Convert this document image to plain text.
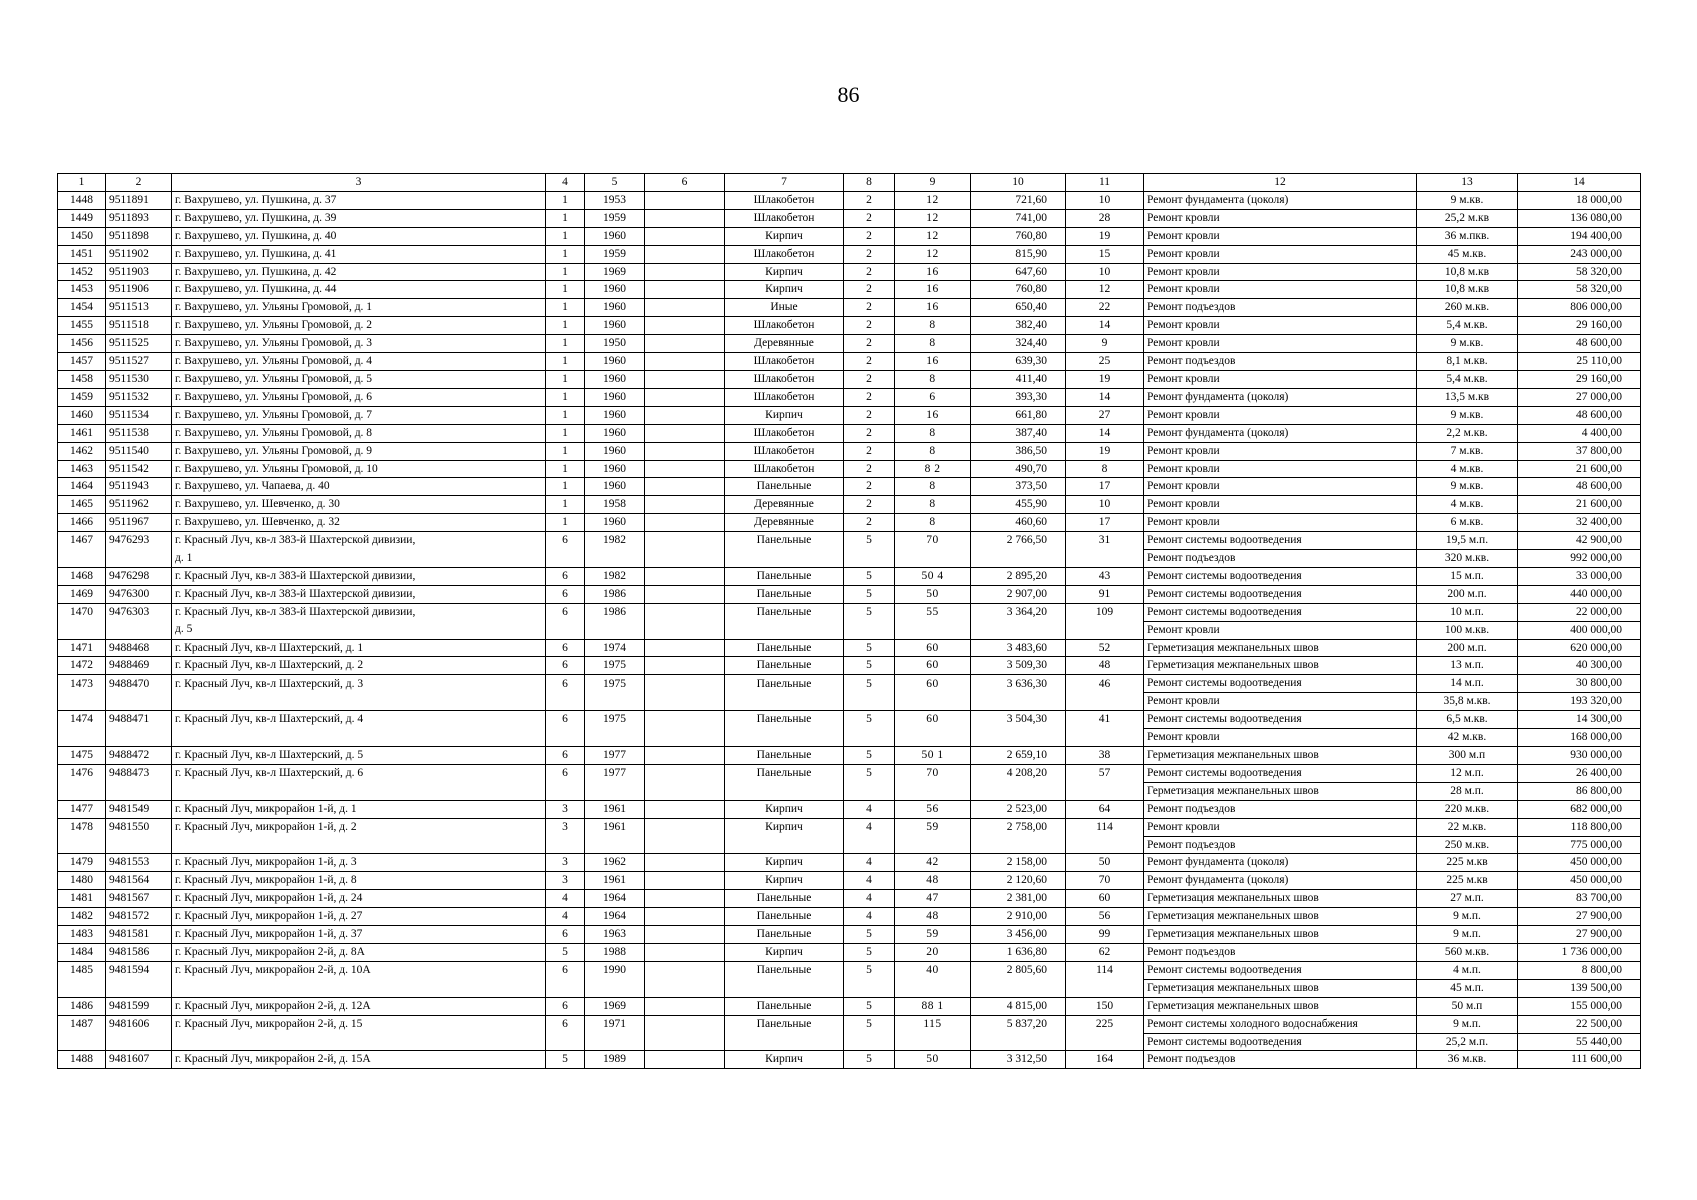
86
1	2	3	4	5	6	7	8	9	10	11	12	13	14
1448	9511891	г. Вахрушево, ул. Пушкина, д. 37	1	1953		Шлакобетон	2	12	721,60	10	Ремонт фундамента (цоколя)	9 м.кв.	18 000,00
1449	9511893	г. Вахрушево, ул. Пушкина, д. 39	1	1959		Шлакобетон	2	12	741,00	28	Ремонт кровли	25,2 м.кв	136 080,00
1450	9511898	г. Вахрушево, ул. Пушкина, д. 40	1	1960		Кирпич	2	12	760,80	19	Ремонт кровли	36 м.пкв.	194 400,00
1451	9511902	г. Вахрушево, ул. Пушкина, д. 41	1	1959		Шлакобетон	2	12	815,90	15	Ремонт кровли	45 м.кв.	243 000,00
1452	9511903	г. Вахрушево, ул. Пушкина, д. 42	1	1969		Кирпич	2	16	647,60	10	Ремонт кровли	10,8 м.кв	58 320,00
1453	9511906	г. Вахрушево, ул. Пушкина, д. 44	1	1960		Кирпич	2	16	760,80	12	Ремонт кровли	10,8 м.кв	58 320,00
1454	9511513	г. Вахрушево, ул. Ульяны Громовой, д. 1	1	1960		Иные	2	16	650,40	22	Ремонт подъездов	260 м.кв.	806 000,00
1455	9511518	г. Вахрушево, ул. Ульяны Громовой, д. 2	1	1960		Шлакобетон	2	8	382,40	14	Ремонт кровли	5,4 м.кв.	29 160,00
1456	9511525	г. Вахрушево, ул. Ульяны Громовой, д. 3	1	1950		Деревянные	2	8	324,40	9	Ремонт кровли	9 м.кв.	48 600,00
1457	9511527	г. Вахрушево, ул. Ульяны Громовой, д. 4	1	1960		Шлакобетон	2	16	639,30	25	Ремонт подъездов	8,1 м.кв.	25 110,00
1458	9511530	г. Вахрушево, ул. Ульяны Громовой, д. 5	1	1960		Шлакобетон	2	8	411,40	19	Ремонт кровли	5,4 м.кв.	29 160,00
1459	9511532	г. Вахрушево, ул. Ульяны Громовой, д. 6	1	1960		Шлакобетон	2	6	393,30	14	Ремонт фундамента (цоколя)	13,5 м.кв	27 000,00
1460	9511534	г. Вахрушево, ул. Ульяны Громовой, д. 7	1	1960		Кирпич	2	16	661,80	27	Ремонт кровли	9 м.кв.	48 600,00
1461	9511538	г. Вахрушево, ул. Ульяны Громовой, д. 8	1	1960		Шлакобетон	2	8	387,40	14	Ремонт фундамента (цоколя)	2,2 м.кв.	4 400,00
1462	9511540	г. Вахрушево, ул. Ульяны Громовой, д. 9	1	1960		Шлакобетон	2	8	386,50	19	Ремонт кровли	7 м.кв.	37 800,00
1463	9511542	г. Вахрушево, ул. Ульяны Громовой, д. 10	1	1960		Шлакобетон	2	8 2	490,70	8	Ремонт кровли	4 м.кв.	21 600,00
1464	9511943	г. Вахрушево, ул. Чапаева, д. 40	1	1960		Панельные	2	8	373,50	17	Ремонт кровли	9 м.кв.	48 600,00
1465	9511962	г. Вахрушево, ул. Шевченко, д. 30	1	1958		Деревянные	2	8	455,90	10	Ремонт кровли	4 м.кв.	21 600,00
1466	9511967	г. Вахрушево, ул. Шевченко, д. 32	1	1960		Деревянные	2	8	460,60	17	Ремонт кровли	6 м.кв.	32 400,00
1467	9476293	г. Красный Луч, кв-л 383-й Шахтерской дивизии,	6	1982		Панельные	5	70	2 766,50	31	Ремонт системы водоотведения	19,5 м.п.	42 900,00
		д. 1									Ремонт подъездов	320 м.кв.	992 000,00
1468	9476298	г. Красный Луч, кв-л 383-й Шахтерской дивизии,	6	1982		Панельные	5	50 4	2 895,20	43	Ремонт системы водоотведения	15 м.п.	33 000,00
1469	9476300	г. Красный Луч, кв-л 383-й Шахтерской дивизии,	6	1986		Панельные	5	50	2 907,00	91	Ремонт системы водоотведения	200 м.п.	440 000,00
1470	9476303	г. Красный Луч, кв-л 383-й Шахтерской дивизии,	6	1986		Панельные	5	55	3 364,20	109	Ремонт системы водоотведения	10 м.п.	22 000,00
		д. 5									Ремонт кровли	100 м.кв.	400 000,00
1471	9488468	г. Красный Луч, кв-л Шахтерский, д. 1	6	1974		Панельные	5	60	3 483,60	52	Герметизация межпанельных швов	200 м.п.	620 000,00
1472	9488469	г. Красный Луч, кв-л Шахтерский, д. 2	6	1975		Панельные	5	60	3 509,30	48	Герметизация межпанельных швов	13 м.п.	40 300,00
1473	9488470	г. Красный Луч, кв-л Шахтерский, д. 3	6	1975		Панельные	5	60	3 636,30	46	Ремонт системы водоотведения	14 м.п.	30 800,00
											Ремонт кровли	35,8 м.кв.	193 320,00
1474	9488471	г. Красный Луч, кв-л Шахтерский, д. 4	6	1975		Панельные	5	60	3 504,30	41	Ремонт системы водоотведения	6,5 м.кв.	14 300,00
											Ремонт кровли	42 м.кв.	168 000,00
1475	9488472	г. Красный Луч, кв-л Шахтерский, д. 5	6	1977		Панельные	5	50 1	2 659,10	38	Герметизация межпанельных швов	300 м.п	930 000,00
1476	9488473	г. Красный Луч, кв-л Шахтерский, д. 6	6	1977		Панельные	5	70	4 208,20	57	Ремонт системы водоотведения	12 м.п.	26 400,00
											Герметизация межпанельных швов	28 м.п.	86 800,00
1477	9481549	г. Красный Луч, микрорайон 1-й, д. 1	3	1961		Кирпич	4	56	2 523,00	64	Ремонт подъездов	220 м.кв.	682 000,00
1478	9481550	г. Красный Луч, микрорайон 1-й, д. 2	3	1961		Кирпич	4	59	2 758,00	114	Ремонт кровли	22 м.кв.	118 800,00
											Ремонт подъездов	250 м.кв.	775 000,00
1479	9481553	г. Красный Луч, микрорайон 1-й, д. 3	3	1962		Кирпич	4	42	2 158,00	50	Ремонт фундамента (цоколя)	225 м.кв	450 000,00
1480	9481564	г. Красный Луч, микрорайон 1-й, д. 8	3	1961		Кирпич	4	48	2 120,60	70	Ремонт фундамента (цоколя)	225 м.кв	450 000,00
1481	9481567	г. Красный Луч, микрорайон 1-й, д. 24	4	1964		Панельные	4	47	2 381,00	60	Герметизация межпанельных швов	27 м.п.	83 700,00
1482	9481572	г. Красный Луч, микрорайон 1-й, д. 27	4	1964		Панельные	4	48	2 910,00	56	Герметизация межпанельных швов	9 м.п.	27 900,00
1483	9481581	г. Красный Луч, микрорайон 1-й, д. 37	6	1963		Панельные	5	59	3 456,00	99	Герметизация межпанельных швов	9 м.п.	27 900,00
1484	9481586	г. Красный Луч, микрорайон 2-й, д. 8А	5	1988		Кирпич	5	20	1 636,80	62	Ремонт подъездов	560 м.кв.	1 736 000,00
1485	9481594	г. Красный Луч, микрорайон 2-й, д. 10А	6	1990		Панельные	5	40	2 805,60	114	Ремонт системы водоотведения	4 м.п.	8 800,00
											Герметизация межпанельных швов	45 м.п.	139 500,00
1486	9481599	г. Красный Луч, микрорайон 2-й, д. 12А	6	1969		Панельные	5	88 1	4 815,00	150	Герметизация межпанельных швов	50 м.п	155 000,00
1487	9481606	г. Красный Луч, микрорайон 2-й, д. 15	6	1971		Панельные	5	115	5 837,20	225	Ремонт системы холодного водоснабжения	9 м.п.	22 500,00
											Ремонт системы водоотведения	25,2 м.п.	55 440,00
1488	9481607	г. Красный Луч, микрорайон 2-й, д. 15А	5	1989		Кирпич	5	50	3 312,50	164	Ремонт подъездов	36 м.кв.	111 600,00
